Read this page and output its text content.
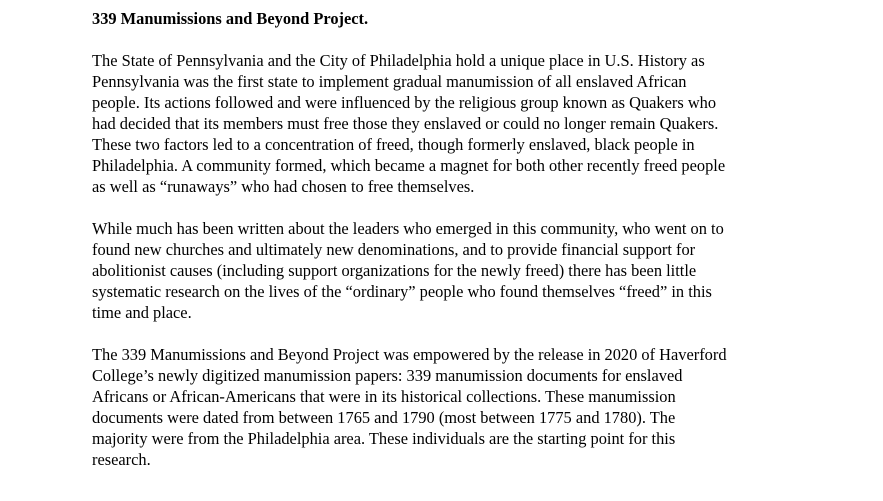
339 Manumissions and Beyond Project.

The State of Pennsylvania and the City of Philadelphia hold a unique place in U.S. History as
Pennsylvania was the first state to implement gradual manumission of all enslaved African
people. Its actions followed and were influenced by the religious group known as Quakers who
had decided that its members must free those they enslaved or could no longer remain Quakers.
These two factors led to a concentration of freed, though formerly enslaved, black people in
Philadelphia. A community formed, which became a magnet for both other recently freed people
as well as “runaways” who had chosen to free themselves.

While much has been written about the leaders who emerged in this community, who went on to
found new churches and ultimately new denominations, and to provide financial support for
abolitionist causes (including support organizations for the newly freed) there has been little
systematic research on the lives of the “ordinary” people who found themselves “freed” in this
time and place.

The 339 Manumissions and Beyond Project was empowered by the release in 2020 of Haverford
College’s newly digitized manumission papers: 339 manumission documents for enslaved
Africans or African-Americans that were in its historical collections. These manumission
documents were dated from between 1765 and 1790 (most between 1775 and 1780). The
majority were from the Philadelphia area. These individuals are the starting point for this
research.
